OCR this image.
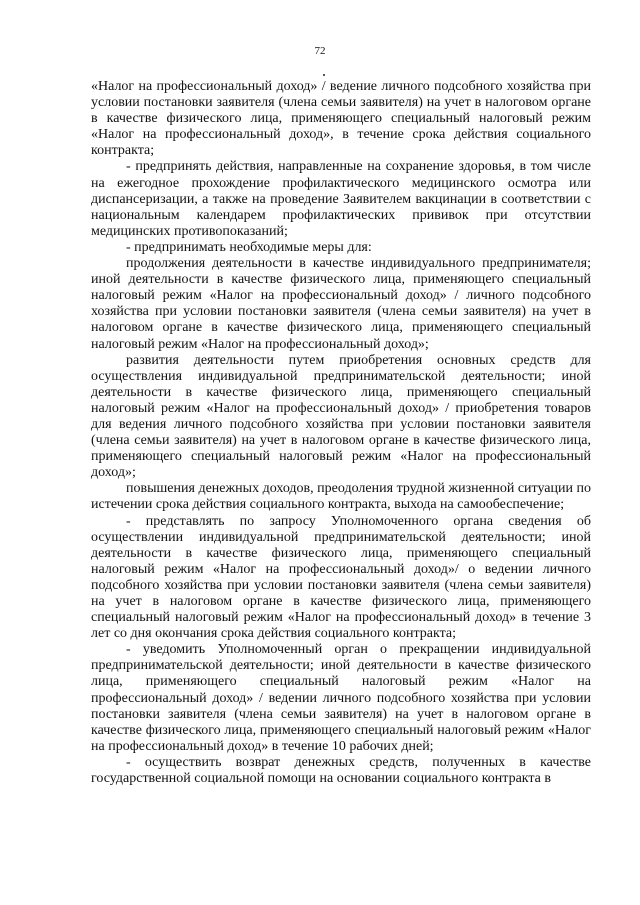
72

«Налог на профессиональный доход» / ведение личного подсобного хозяйства при условии постановки заявителя (члена семьи заявителя) на учет в налоговом органе в качестве физического лица, применяющего специальный налоговый режим «Налог на профессиональный доход», в течение срока действия социального контракта;

- предпринять действия, направленные на сохранение здоровья, в том числе на ежегодное прохождение профилактического медицинского осмотра или диспансеризации, а также на проведение Заявителем вакцинации в соответствии с национальным календарем профилактических прививок при отсутствии медицинских противопоказаний;

- предпринимать необходимые меры для:

продолжения деятельности в качестве индивидуального предпринимателя; иной деятельности в качестве физического лица, применяющего специальный налоговый режим «Налог на профессиональный доход» / личного подсобного хозяйства при условии постановки заявителя (члена семьи заявителя) на учет в налоговом органе в качестве физического лица, применяющего специальный налоговый режим «Налог на профессиональный доход»;

развития деятельности путем приобретения основных средств для осуществления индивидуальной предпринимательской деятельности; иной деятельности в качестве физического лица, применяющего специальный налоговый режим «Налог на профессиональный доход» / приобретения товаров для ведения личного подсобного хозяйства при условии постановки заявителя (члена семьи заявителя) на учет в налоговом органе в качестве физического лица, применяющего специальный налоговый режим «Налог на профессиональный доход»;

повышения денежных доходов, преодоления трудной жизненной ситуации по истечении срока действия социального контракта, выхода на самообеспечение;

- представлять по запросу Уполномоченного органа сведения об осуществлении индивидуальной предпринимательской деятельности; иной деятельности в качестве физического лица, применяющего специальный налоговый режим «Налог на профессиональный доход»/ о ведении личного подсобного хозяйства при условии постановки заявителя (члена семьи заявителя) на учет в налоговом органе в качестве физического лица, применяющего специальный налоговый режим «Налог на профессиональный доход» в течение 3 лет со дня окончания срока действия социального контракта;

- уведомить Уполномоченный орган о прекращении индивидуальной предпринимательской деятельности; иной деятельности в качестве физического лица, применяющего специальный налоговый режим «Налог на профессиональный доход» / ведении личного подсобного хозяйства при условии постановки заявителя (члена семьи заявителя) на учет в налоговом органе в качестве физического лица, применяющего специальный налоговый режим «Налог на профессиональный доход» в течение 10 рабочих дней;

- осуществить возврат денежных средств, полученных в качестве государственной социальной помощи на основании социального контракта в
